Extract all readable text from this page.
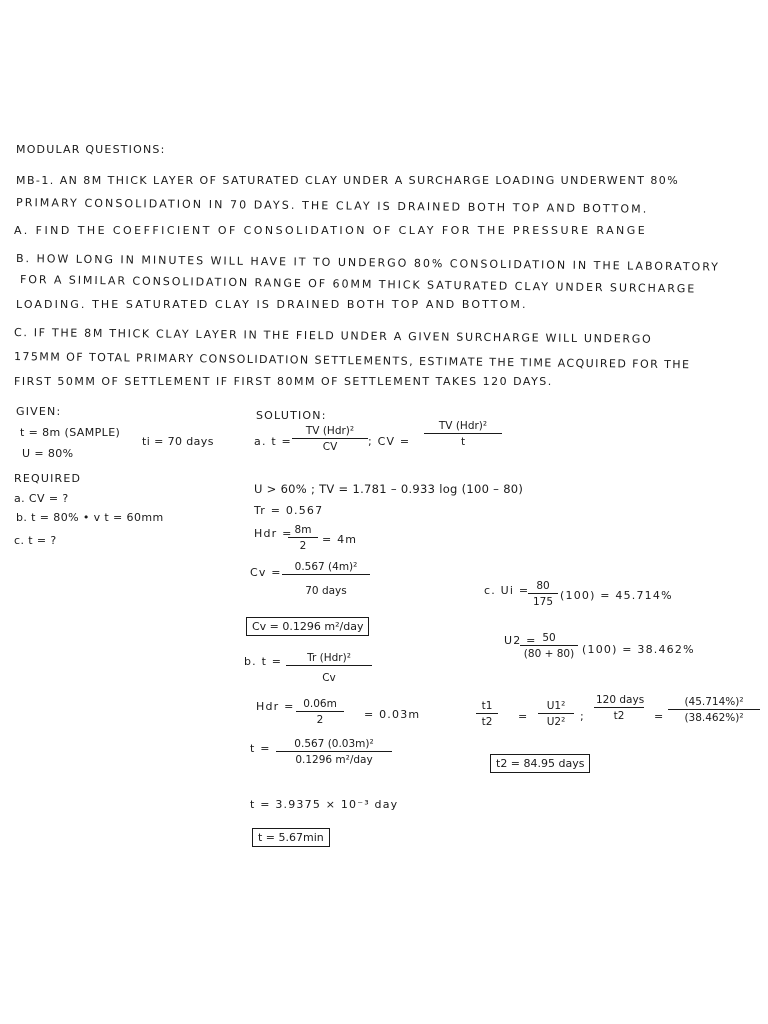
MODULAR QUESTIONS:
MB-1. AN 8M THICK LAYER OF SATURATED CLAY UNDER A SURCHARGE LOADING UNDERWENT 80%
PRIMARY CONSOLIDATION IN 70 DAYS. THE CLAY IS DRAINED BOTH TOP AND BOTTOM.
A. FIND THE COEFFICIENT OF CONSOLIDATION OF CLAY FOR THE PRESSURE RANGE
B. HOW LONG IN MINUTES WILL HAVE IT TO UNDERGO 80% CONSOLIDATION IN THE LABORATORY
FOR A SIMILAR CONSOLIDATION RANGE OF 60MM THICK SATURATED CLAY UNDER SURCHARGE
LOADING. THE SATURATED CLAY IS DRAINED BOTH TOP AND BOTTOM.
C. IF THE 8M THICK CLAY LAYER IN THE FIELD UNDER A GIVEN SURCHARGE WILL UNDERGO
175MM OF TOTAL PRIMARY CONSOLIDATION SETTLEMENTS, ESTIMATE THE TIME ACQUIRED FOR THE
FIRST 50MM OF SETTLEMENT IF FIRST 80MM OF SETTLEMENT TAKES 120 DAYS.
GIVEN:
t = 8m (SAMPLE)
U = 80%
ti = 70 days
REQUIRED
a. CV = ?
b. t = 80% • v t = 60mm
c. t = ?
SOLUTION:
a. t =
TV (Hdr)²
CV	; CV =
TV (Hdr)²
t
U > 60% ; TV = 1.781 – 0.933 log (100 – 80)
Tr = 0.567
Hdr =
$\frac{8m}{2} = 4m$
Cv =	0.567 (4m)²
70 days
Cv = 0.1296 m²/day
b. t =	Tr (Hdr)²
Cv
Hdr = $\frac{0.06m}{2} = 0.03m$
t =	0.567 (0.03m)²
0.1296 m²/day
t = 3.9375 × 10⁻³ day
t = 5.67min
c. Ui =
$\frac{80}{175} (100) = 45.714\%$
U2 =
$\frac{50}{(80 + 80)} (100) = 38.462\%$
$\frac{t1}{t2} = \frac{\text{U1²}}{\text{U2²}}$ ;
120 days
t2	= $\frac{\text{(45.714\%)²}}{\text{(38.462\%)²}}$
t2 = 84.95 days
